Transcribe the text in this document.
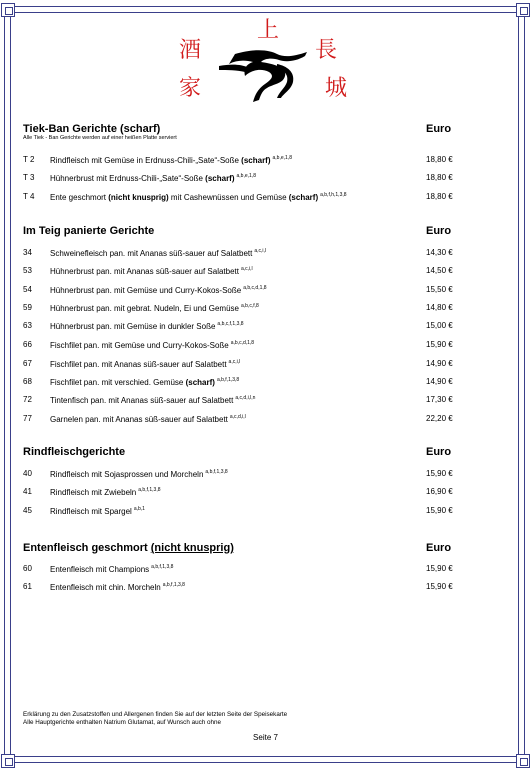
上
酒
家
長
城
Tiek-Ban Gerichte (scharf)	Euro
Alle Tiek - Ban Gerichte werden auf einer heißen Platte serviert
T 2 Rindfleisch mit Gemüse in Erdnuss-Chili-„Sate“-Soße (scharf) $^{a,b,e,1,8}$	18,80 €
T 3 Hühnerbrust mit Erdnuss-Chili-„Sate“-Soße (scharf) $^{a,b,e,1,8}$	18,80 €
T 4 Ente geschmort (nicht knusprig) mit Cashewnüssen und Gemüse (scharf) $^{a,b,f,h,1,3,8}$	18,80 €
Im Teig panierte Gerichte	Euro
34 Schweinefleisch pan. mit Ananas süß-sauer auf Salatbett $^{a,c,i,l}$	14,30 €
53 Hühnerbrust pan. mit Ananas süß-sauer auf Salatbett $^{a,c,i,l}$	14,50 €
54 Hühnerbrust pan. mit Gemüse und Curry-Kokos-Soße $^{a,b,c,d,1,8}$	15,50 €
59 Hühnerbrust pan. mit gebrat. Nudeln, Ei und Gemüse $^{a,b,c,f,8}$	14,80 €
63 Hühnerbrust pan. mit Gemüse in dunkler Soße $^{a,b,c,f,1,3,8}$	15,00 €
66 Fischfilet pan. mit Gemüse und Curry-Kokos-Soße $^{a,b,c,d,1,8}$	15,90 €
67 Fischfilet pan. mit Ananas süß-sauer auf Salatbett $^{a,c,i,l}$	14,90 €
68 Fischfilet pan. mit verschied. Gemüse (scharf) $^{a,b,f,1,3,8}$	14,90 €
72 Tintenfisch pan. mit Ananas süß-sauer auf Salatbett $^{a,c,d,i,l,n}$	17,30 €
77 Garnelen pan. mit Ananas süß-sauer auf Salatbett $^{a,c,d,i,l}$	22,20 €
Rindfleischgerichte	Euro
40 Rindfleisch mit Sojasprossen und Morcheln $^{a,b,f,1,3,8}$	15,90 €
41 Rindfleisch mit Zwiebeln $^{a,b,f,1,3,8}$	16,90 €
45 Rindfleisch mit Spargel $^{a,b,1}$	15,90 €
Entenfleisch geschmort (nicht knusprig)	Euro
60 Entenfleisch mit Champions $^{a,b,f,1,3,8}$	15,90 €
61 Entenfleisch mit chin. Morcheln $^{a,b,f,1,3,8}$	15,90 €
Erklärung zu den Zusatzstoffen und Allergenen finden Sie auf der letzten Seite der Speisekarte
Alle Hauptgerichte enthalten Natrium Glutamat, auf Wunsch auch ohne
Seite 7
